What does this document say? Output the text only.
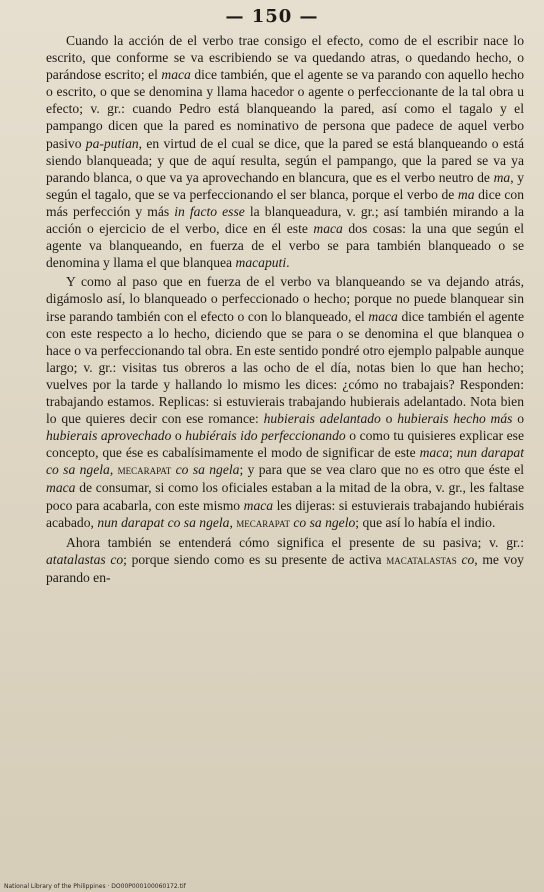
— 150 —

Cuando la acción de el verbo trae consigo el efecto, como de el escribir nace lo escrito, que conforme se va escribiendo se va quedando atras, o quedando hecho, o parándose escrito; el maca dice también, que el agente se va parando con aquello hecho o escrito, o que se denomina y llama hacedor o agente o perfeccionante de la tal obra u efecto; v. gr.: cuando Pedro está blanqueando la pared, así como el tagalo y el pampango dicen que la pared es nominativo de persona que padece de aquel verbo pasivo pa-putian, en virtud de el cual se dice, que la pared se está blanqueando o está siendo blanqueada; y que de aquí resulta, según el pampango, que la pared se va ya parando blanca, o que va ya aprovechando en blancura, que es el verbo neutro de ma, y según el tagalo, que se va perfeccionando el ser blanca, porque el verbo de ma dice con más perfección y más in facto esse la blanqueadura, v. gr.; así también mirando a la acción o ejercicio de el verbo, dice en él este maca dos cosas: la una que según el agente va blanqueando, en fuerza de el verbo se para también blanqueado o se denomina y llama el que blanquea macaputi.

Y como al paso que en fuerza de el verbo va blanqueando se va dejando atrás, digámoslo así, lo blanqueado o perfeccionado o hecho; porque no puede blanquear sin irse parando también con el efecto o con lo blanqueado, el maca dice también el agente con este respecto a lo hecho, diciendo que se para o se denomina el que blanquea o hace o va perfeccionando tal obra. En este sentido pondré otro ejemplo palpable aunque largo; v. gr.: visitas tus obreros a las ocho de el día, notas bien lo que han hecho; vuelves por la tarde y hallando lo mismo les dices: ¿cómo no trabajais? Responden: trabajando estamos. Replicas: si estuvierais trabajando hubierais adelantado. Nota bien lo que quieres decir con ese romance: hubierais adelantado o hubierais hecho más o hubierais aprovechado o hubiérais ido perfeccionando o como tu quisieres explicar ese concepto, que ése es cabalísimamente el modo de significar de este maca; nun darapat co sa ngela, mecarapat co sa ngela; y para que se vea claro que no es otro que éste el maca de consumar, si como los oficiales estaban a la mitad de la obra, v. gr., les faltase poco para acabarla, con este mismo maca les dijeras: si estuvierais trabajando hubiérais acabado, nun darapat co sa ngela, mecarapat co sa ngelo; que así lo había el indio.

Ahora también se entenderá cómo significa el presente de su pasiva; v. gr.: atatalastas co; porque siendo como es su presente de activa macatalastas co, me voy parando en-

National Library of the Philippines · DO00P000100060172.tif
